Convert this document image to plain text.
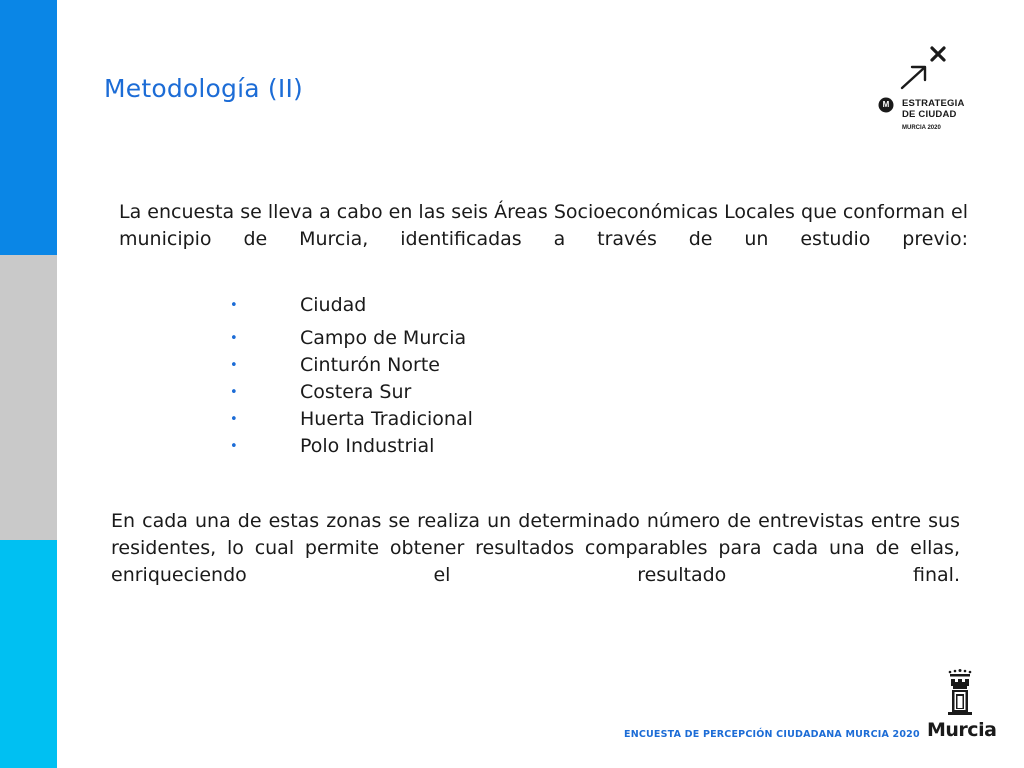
Metodología (II)
M ESTRATEGIA
DE CIUDAD
MURCIA 2020

La encuesta se lleva a cabo en las seis Áreas Socioeconómicas Locales que conforman el municipio de Murcia, identificadas a través de un estudio previo:

•	Ciudad
•	Campo de Murcia
•	Cinturón Norte
•	Costera Sur
•	Huerta Tradicional
•	Polo Industrial

En cada una de estas zonas se realiza un determinado número de entrevistas entre sus residentes, lo cual permite obtener resultados comparables para cada una de ellas, enriqueciendo el resultado final.

ENCUESTA DE PERCEPCIÓN CIUDADANA MURCIA 2020 Murcia
